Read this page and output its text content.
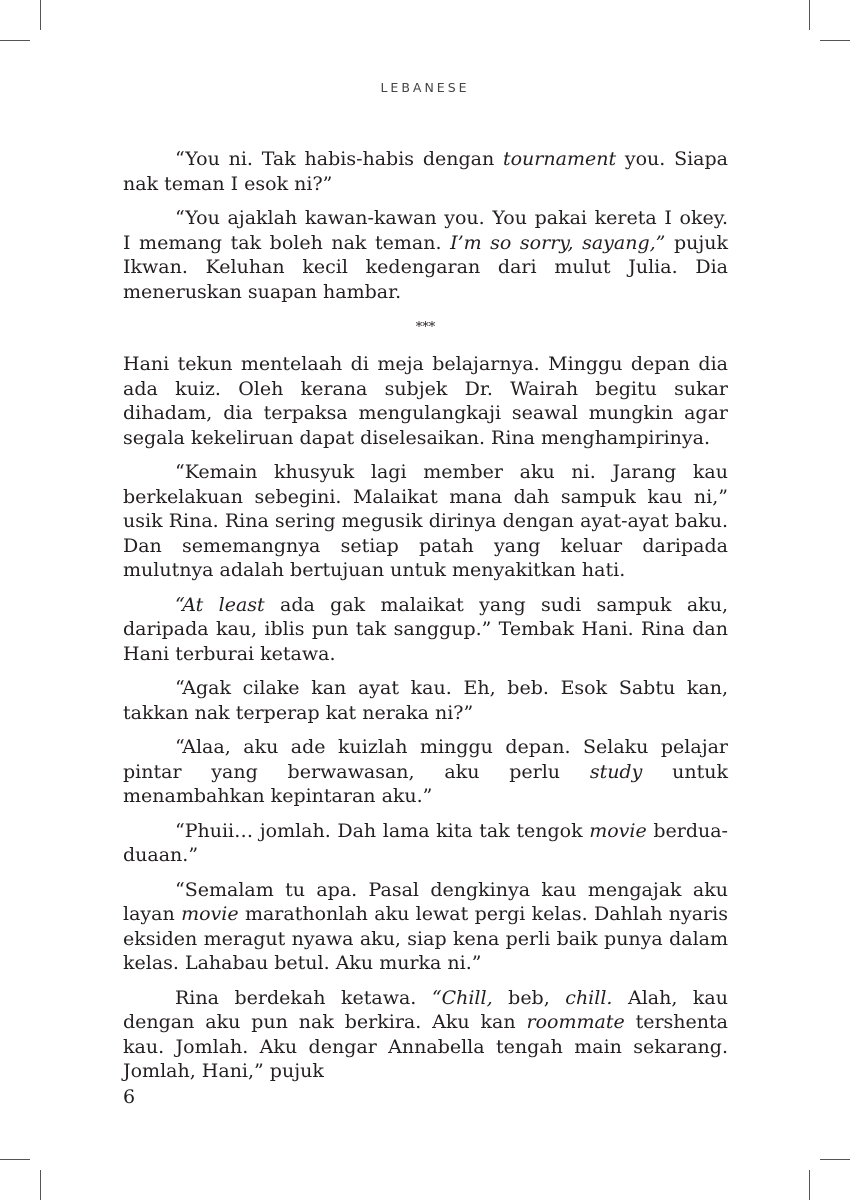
LEBANESE

“You ni. Tak habis-habis dengan tournament you. Siapa nak teman I esok ni?”

“You ajaklah kawan-kawan you. You pakai kereta I okey. I memang tak boleh nak teman. I’m so sorry, sayang,” pujuk Ikwan. Keluhan kecil kedengaran dari mulut Julia. Dia meneruskan suapan hambar.

***

Hani tekun mentelaah di meja belajarnya. Minggu depan dia ada kuiz. Oleh kerana subjek Dr. Wairah begitu sukar dihadam, dia terpaksa mengulangkaji seawal mungkin agar segala kekeliruan dapat diselesaikan. Rina menghampirinya.

“Kemain khusyuk lagi member aku ni. Jarang kau berkelakuan sebegini. Malaikat mana dah sampuk kau ni,” usik Rina. Rina sering megusik dirinya dengan ayat-ayat baku. Dan sememangnya setiap patah yang keluar daripada mulutnya adalah bertujuan untuk menyakitkan hati.

“At least ada gak malaikat yang sudi sampuk aku, daripada kau, iblis pun tak sanggup.” Tembak Hani. Rina dan Hani terburai ketawa.

“Agak cilake kan ayat kau. Eh, beb. Esok Sabtu kan, takkan nak terperap kat neraka ni?”

“Alaa, aku ade kuizlah minggu depan. Selaku pelajar pintar yang berwawasan, aku perlu study untuk menambahkan kepintaran aku.”

“Phuii… jomlah. Dah lama kita tak tengok movie berdua-duaan.”

“Semalam tu apa. Pasal dengkinya kau mengajak aku layan movie marathonlah aku lewat pergi kelas. Dahlah nyaris eksiden meragut nyawa aku, siap kena perli baik punya dalam kelas. Lahabau betul. Aku murka ni.”

Rina berdekah ketawa. “Chill, beb, chill. Alah, kau dengan aku pun nak berkira. Aku kan roommate tershenta kau. Jomlah. Aku dengar Annabella tengah main sekarang. Jomlah, Hani,” pujuk

6
